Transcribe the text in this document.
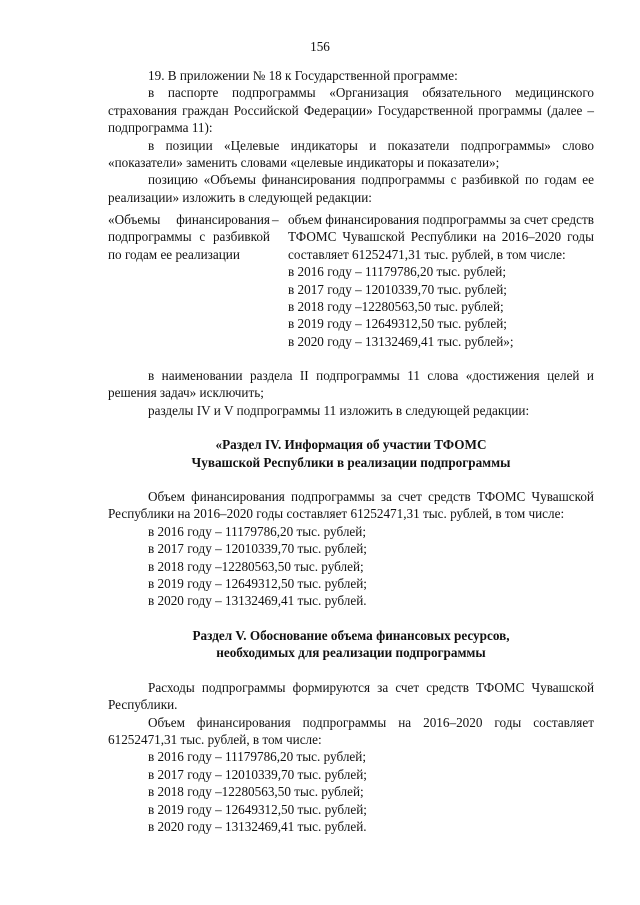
156

19. В приложении № 18 к Государственной программе:

в паспорте подпрограммы «Организация обязательного медицинского страхования граждан Российской Федерации» Государственной программы (далее – подпрограмма 11):

в позиции «Целевые индикаторы и показатели подпрограммы» слово «показатели» заменить словами «целевые индикаторы и показатели»;

позицию «Объемы финансирования подпрограммы с разбивкой по годам ее реализации» изложить в следующей редакции:

«Объемы финансирования подпрограммы с разбивкой по годам ее реализации
– объем финансирования подпрограммы за счет средств ТФОМС Чувашской Республики на 2016–2020 годы составляет 61252471,31 тыс. рублей, в том числе:

в 2016 году – 11179786,20 тыс. рублей;

в 2017 году – 12010339,70 тыс. рублей;

в 2018 году –12280563,50 тыс. рублей;

в 2019 году – 12649312,50 тыс. рублей;

в 2020 году – 13132469,41 тыс. рублей»;

в наименовании раздела II подпрограммы 11 слова «достижения целей и решения задач» исключить;

разделы IV и V подпрограммы 11 изложить в следующей редакции:

«Раздел IV. Информация об участии ТФОМС

Чувашской Республики в реализации подпрограммы

Объем финансирования подпрограммы за счет средств ТФОМС Чувашской Республики на 2016–2020 годы составляет 61252471,31 тыс. рублей, в том числе:

в 2016 году – 11179786,20 тыс. рублей;

в 2017 году – 12010339,70 тыс. рублей;

в 2018 году –12280563,50 тыс. рублей;

в 2019 году – 12649312,50 тыс. рублей;

в 2020 году – 13132469,41 тыс. рублей.

Раздел V. Обоснование объема финансовых ресурсов,

необходимых для реализации подпрограммы

Расходы подпрограммы формируются за счет средств ТФОМС Чувашской Республики.

Объем финансирования подпрограммы на 2016–2020 годы составляет 61252471,31 тыс. рублей, в том числе:

в 2016 году – 11179786,20 тыс. рублей;

в 2017 году – 12010339,70 тыс. рублей;

в 2018 году –12280563,50 тыс. рублей;

в 2019 году – 12649312,50 тыс. рублей;

в 2020 году – 13132469,41 тыс. рублей.
